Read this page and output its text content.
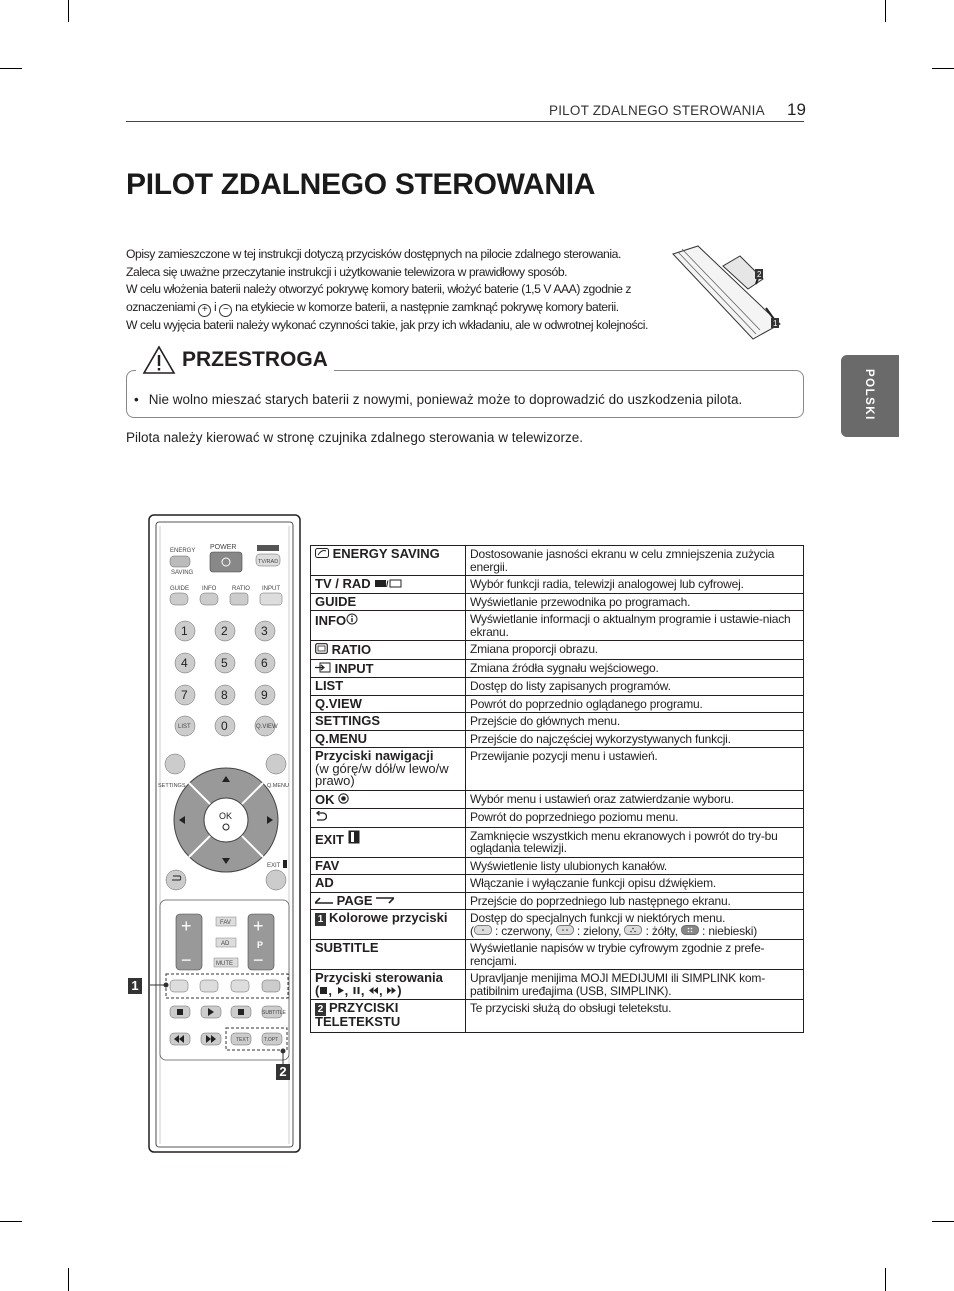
PILOT ZDALNEGO STEROWANIA 19
PILOT ZDALNEGO STEROWANIA

Opisy zamieszczone w tej instrukcji dotyczą przycisków dostępnych na pilocie zdalnego sterowania.

Zaleca się uważne przeczytanie instrukcji i użytkowanie telewizora w prawidłowy sposób.

W celu włożenia baterii należy otworzyć pokrywę komory baterii, włożyć baterie (1,5 V AAA) zgodnie z

oznaczeniami + i − na etykiecie w komorze baterii, a następnie zamknąć pokrywę komory baterii.

W celu wyjęcia baterii należy wykonać czynności takie, jak przy ich wkładaniu, ale w odwrotnej kolejności.

2
1
POLSKI
PRZESTROGA
• Nie wolno mieszać starych baterii z nowymi, ponieważ może to doprowadzić do uszkodzenia pilota.
Pilota należy kierować w stronę czujnika zdalnego sterowania w telewizorze.
ENERGY
SAVING
POWER
TV/RAD
GUIDE INFO	RATIO INPUT
1	2	3
4	5	6
7	8	9
LIST	0	Q.VIEW
SETTINGS	Q.MENU
OK
EXIT
+
−
FAV
AD
MUTE
+
P
−
SUBTITLE
TEXT	T.OPT
1
2
ENERGY SAVING	Dostosowanie jasności ekranu w celu zmniejszenia zużycia energii.
TV / RAD /	Wybór funkcji radia, telewizji analogowej lub cyfrowej.
GUIDE	Wyświetlanie przewodnika po programach.
INFO	Wyświetlanie informacji o aktualnym programie i ustawie-niach ekranu.
RATIO	Zmiana proporcji obrazu.
INPUT	Zmiana źródła sygnału wejściowego.
LIST	Dostęp do listy zapisanych programów.
Q.VIEW	Powrót do poprzednio oglądanego programu.
SETTINGS	Przejście do głównych menu.
Q.MENU	Przejście do najczęściej wykorzystywanych funkcji.
Przyciski nawigacji
(w górę/w dół/w lewo/w prawo)	Przewijanie pozycji menu i ustawień.
OK	Wybór menu i ustawień oraz zatwierdzanie wyboru.
	Powrót do poprzedniego poziomu menu.
EXIT	Zamknięcie wszystkich menu ekranowych i powrót do try-bu oglądania telewizji.
FAV	Wyświetlenie listy ulubionych kanałów.
AD	Włączanie i wyłączanie funkcji opisu dźwiękiem.
PAGE	Przejście do poprzedniego lub następnego ekranu.
1 Kolorowe przyciski	Dostęp do specjalnych funkcji w niektórych menu.
( : czerwony, : zielony, : żółty, : niebieski)
SUBTITLE	Wyświetlanie napisów w trybie cyfrowym zgodnie z prefe-rencjami.
Przyciski sterowania
( , , , , )	Upravljanje menijima MOJI MEDIJUMI ili SIMPLINK kom-patibilnim uređajima (USB, SIMPLINK).
2 PRZYCISKI TELETEKSTU	Te przyciski służą do obsługi teletekstu.
